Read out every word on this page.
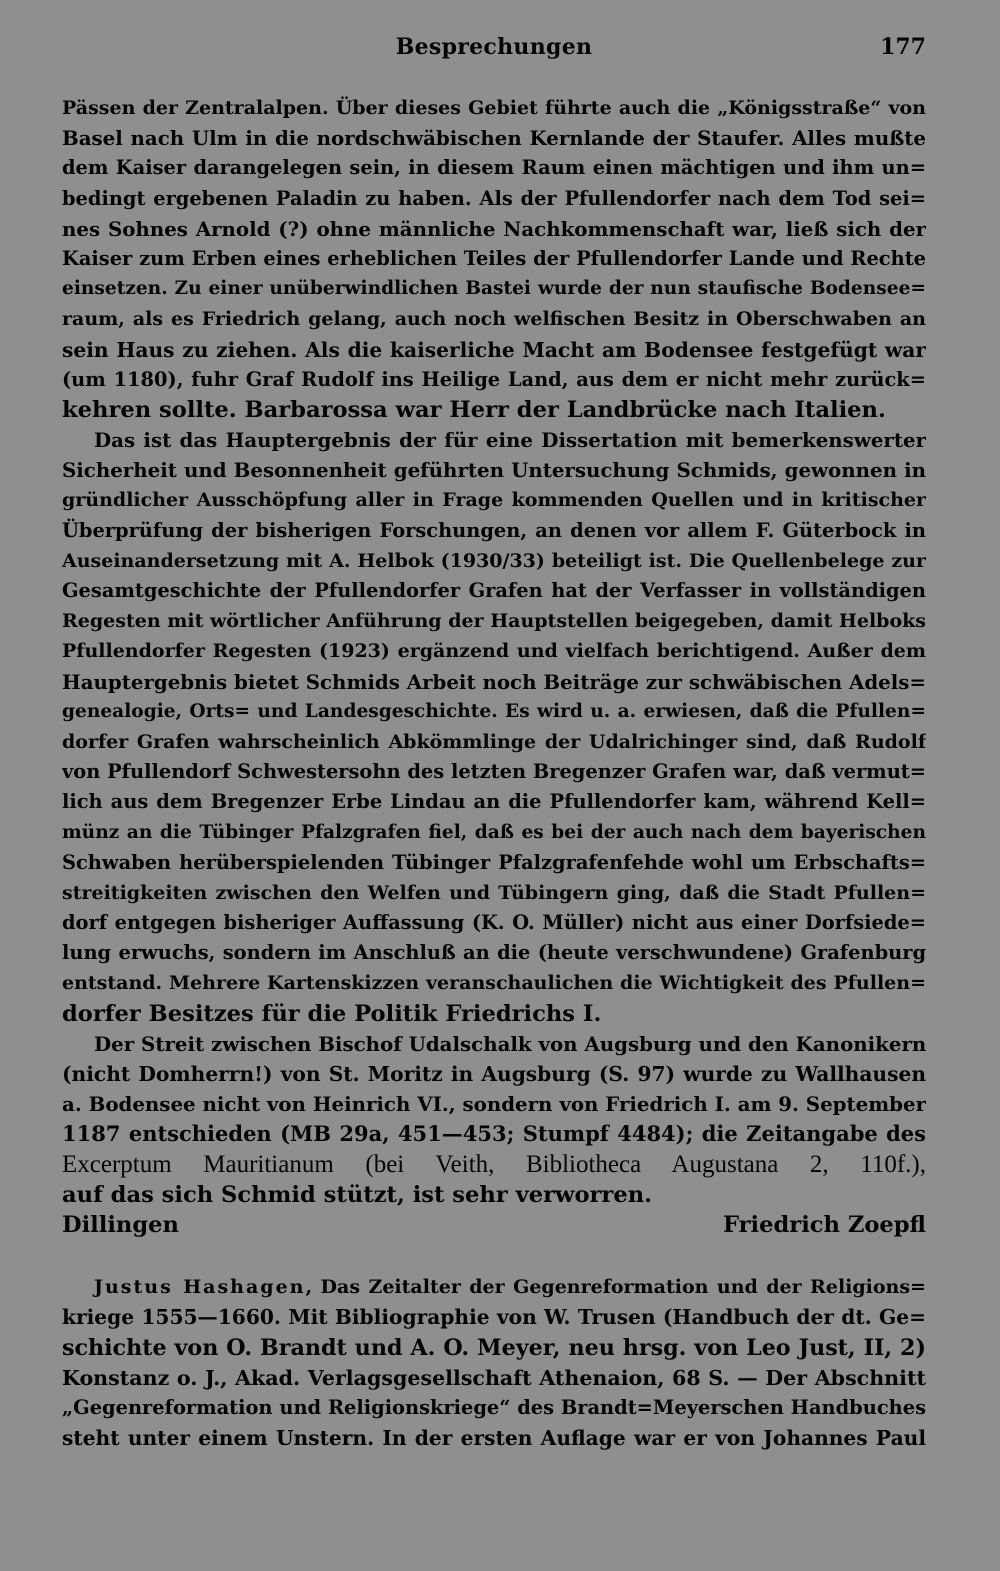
Besprechungen	177
Pässen der Zentralalpen. Über dieses Gebiet führte auch die „Königsstraße“ von
Basel nach Ulm in die nordschwäbischen Kernlande der Staufer. Alles mußte
dem Kaiser darangelegen sein, in diesem Raum einen mächtigen und ihm un=
bedingt ergebenen Paladin zu haben. Als der Pfullendorfer nach dem Tod sei=
nes Sohnes Arnold (?) ohne männliche Nachkommenschaft war, ließ sich der
Kaiser zum Erben eines erheblichen Teiles der Pfullendorfer Lande und Rechte
einsetzen. Zu einer unüberwindlichen Bastei wurde der nun staufische Bodensee=
raum, als es Friedrich gelang, auch noch welfischen Besitz in Oberschwaben an
sein Haus zu ziehen. Als die kaiserliche Macht am Bodensee festgefügt war
(um 1180), fuhr Graf Rudolf ins Heilige Land, aus dem er nicht mehr zurück=
kehren sollte. Barbarossa war Herr der Landbrücke nach Italien.
Das ist das Hauptergebnis der für eine Dissertation mit bemerkenswerter
Sicherheit und Besonnenheit geführten Untersuchung Schmids, gewonnen in
gründlicher Ausschöpfung aller in Frage kommenden Quellen und in kritischer
Überprüfung der bisherigen Forschungen, an denen vor allem F. Güterbock in
Auseinandersetzung mit A. Helbok (1930/33) beteiligt ist. Die Quellenbelege zur
Gesamtgeschichte der Pfullendorfer Grafen hat der Verfasser in vollständigen
Regesten mit wörtlicher Anführung der Hauptstellen beigegeben, damit Helboks
Pfullendorfer Regesten (1923) ergänzend und vielfach berichtigend. Außer dem
Hauptergebnis bietet Schmids Arbeit noch Beiträge zur schwäbischen Adels=
genealogie, Orts= und Landesgeschichte. Es wird u. a. erwiesen, daß die Pfullen=
dorfer Grafen wahrscheinlich Abkömmlinge der Udalrichinger sind, daß Rudolf
von Pfullendorf Schwestersohn des letzten Bregenzer Grafen war, daß vermut=
lich aus dem Bregenzer Erbe Lindau an die Pfullendorfer kam, während Kell=
münz an die Tübinger Pfalzgrafen fiel, daß es bei der auch nach dem bayerischen
Schwaben herüberspielenden Tübinger Pfalzgrafenfehde wohl um Erbschafts=
streitigkeiten zwischen den Welfen und Tübingern ging, daß die Stadt Pfullen=
dorf entgegen bisheriger Auffassung (K. O. Müller) nicht aus einer Dorfsiede=
lung erwuchs, sondern im Anschluß an die (heute verschwundene) Grafenburg
entstand. Mehrere Kartenskizzen veranschaulichen die Wichtigkeit des Pfullen=
dorfer Besitzes für die Politik Friedrichs I.
Der Streit zwischen Bischof Udalschalk von Augsburg und den Kanonikern
(nicht Domherrn!) von St. Moritz in Augsburg (S. 97) wurde zu Wallhausen
a. Bodensee nicht von Heinrich VI., sondern von Friedrich I. am 9. September
1187 entschieden (MB 29a, 451—453; Stumpf 4484); die Zeitangabe des
Excerptum Mauritianum (bei Veith, Bibliotheca Augustana 2, 110f.),
auf das sich Schmid stützt, ist sehr verworren.
Dillingen	Friedrich Zoepfl
Justus Hashagen, Das Zeitalter der Gegenreformation und der Religions=
kriege 1555—1660. Mit Bibliographie von W. Trusen (Handbuch der dt. Ge=
schichte von O. Brandt und A. O. Meyer, neu hrsg. von Leo Just, II, 2)
Konstanz o. J., Akad. Verlagsgesellschaft Athenaion, 68 S. — Der Abschnitt
„Gegenreformation und Religionskriege“ des Brandt=Meyerschen Handbuches
steht unter einem Unstern. In der ersten Auflage war er von Johannes Paul
